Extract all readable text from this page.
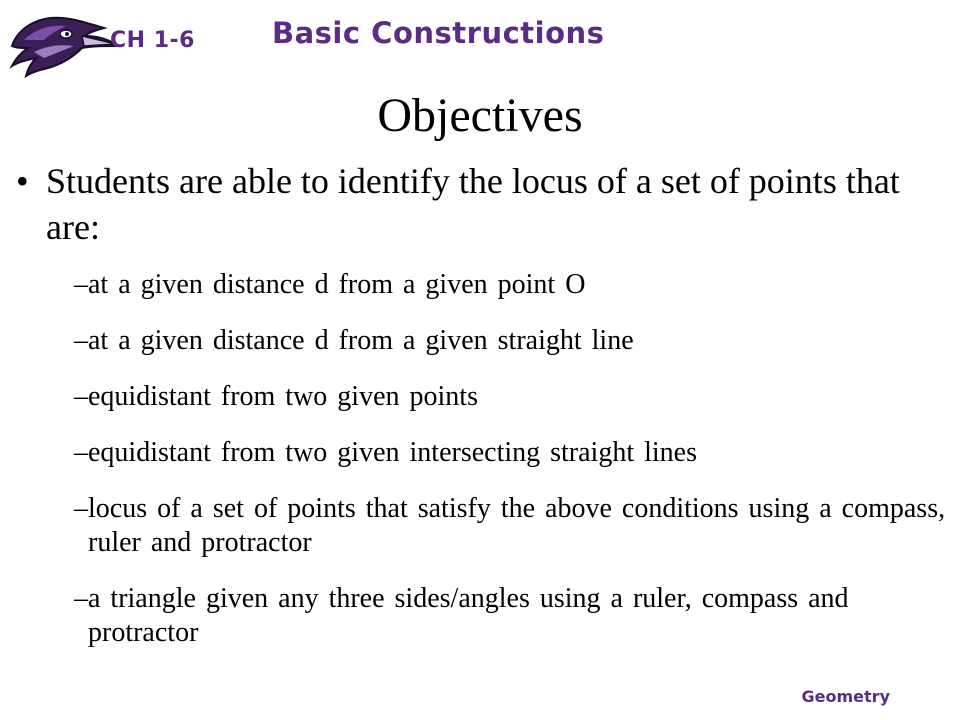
CH 1-6	Basic Constructions
Objectives
• Students are able to identify the locus of a set of points that are:
– at a given distance d from a given point O
– at a given distance d from a given straight line
– equidistant from two given points
– equidistant from two given intersecting straight lines
– locus of a set of points that satisfy the above conditions using a compass, ruler and protractor
– a triangle given any three sides/angles using a ruler, compass and protractor
Geometry
